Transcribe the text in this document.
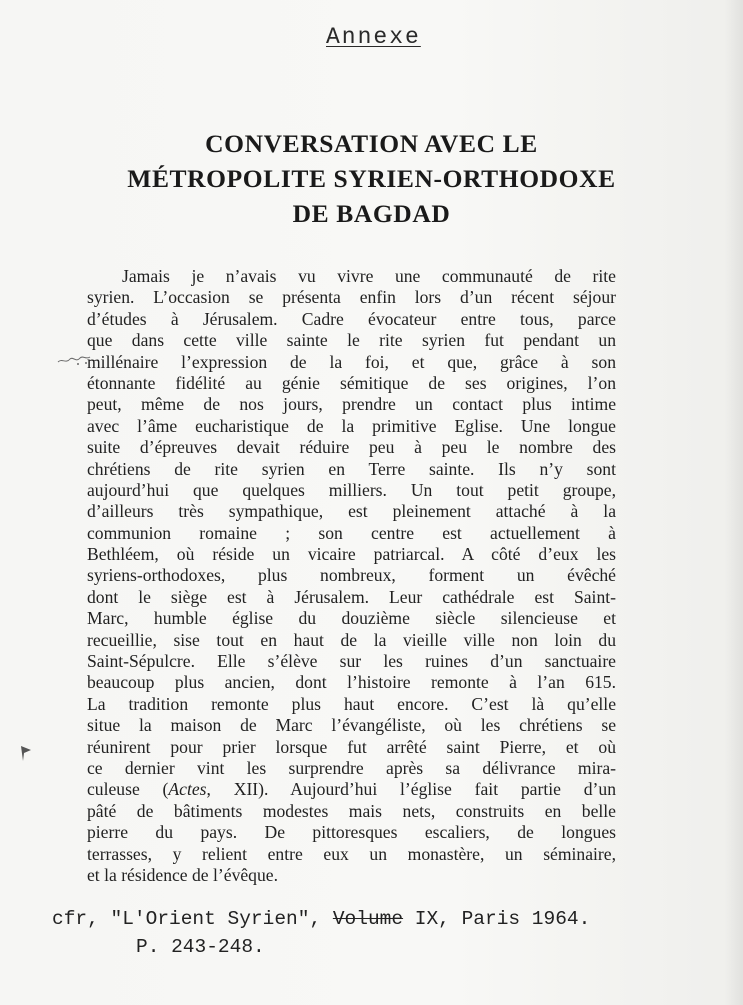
Annexe
CONVERSATION AVEC LE
MÉTROPOLITE SYRIEN-ORTHODOXE
DE BAGDAD
Jamais je n’avais vu vivre une communauté de rite
syrien. L’occasion se présenta enfin lors d’un récent séjour
d’études à Jérusalem. Cadre évocateur entre tous, parce
que dans cette ville sainte le rite syrien fut pendant un
millénaire l’expression de la foi, et que, grâce à son
étonnante fidélité au génie sémitique de ses origines, l’on
peut, même de nos jours, prendre un contact plus intime
avec l’âme eucharistique de la primitive Eglise. Une longue
suite d’épreuves devait réduire peu à peu le nombre des
chrétiens de rite syrien en Terre sainte. Ils n’y sont
aujourd’hui que quelques milliers. Un tout petit groupe,
d’ailleurs très sympathique, est pleinement attaché à la
communion romaine ; son centre est actuellement à
Bethléem, où réside un vicaire patriarcal. A côté d’eux les
syriens-orthodoxes, plus nombreux, forment un évêché
dont le siège est à Jérusalem. Leur cathédrale est Saint-
Marc, humble église du douzième siècle silencieuse et
recueillie, sise tout en haut de la vieille ville non loin du
Saint-Sépulcre. Elle s’élève sur les ruines d’un sanctuaire
beaucoup plus ancien, dont l’histoire remonte à l’an 615.
La tradition remonte plus haut encore. C’est là qu’elle
situe la maison de Marc l’évangéliste, où les chrétiens se
réunirent pour prier lorsque fut arrêté saint Pierre, et où
ce dernier vint les surprendre après sa délivrance mira-
culeuse (Actes, XII). Aujourd’hui l’église fait partie d’un
pâté de bâtiments modestes mais nets, construits en belle
pierre du pays. De pittoresques escaliers, de longues
terrasses, y relient entre eux un monastère, un séminaire,
et la résidence de l’évêque.
cfr, "L'Orient Syrien", Volume IX, Paris 1964.
P. 243-248.
